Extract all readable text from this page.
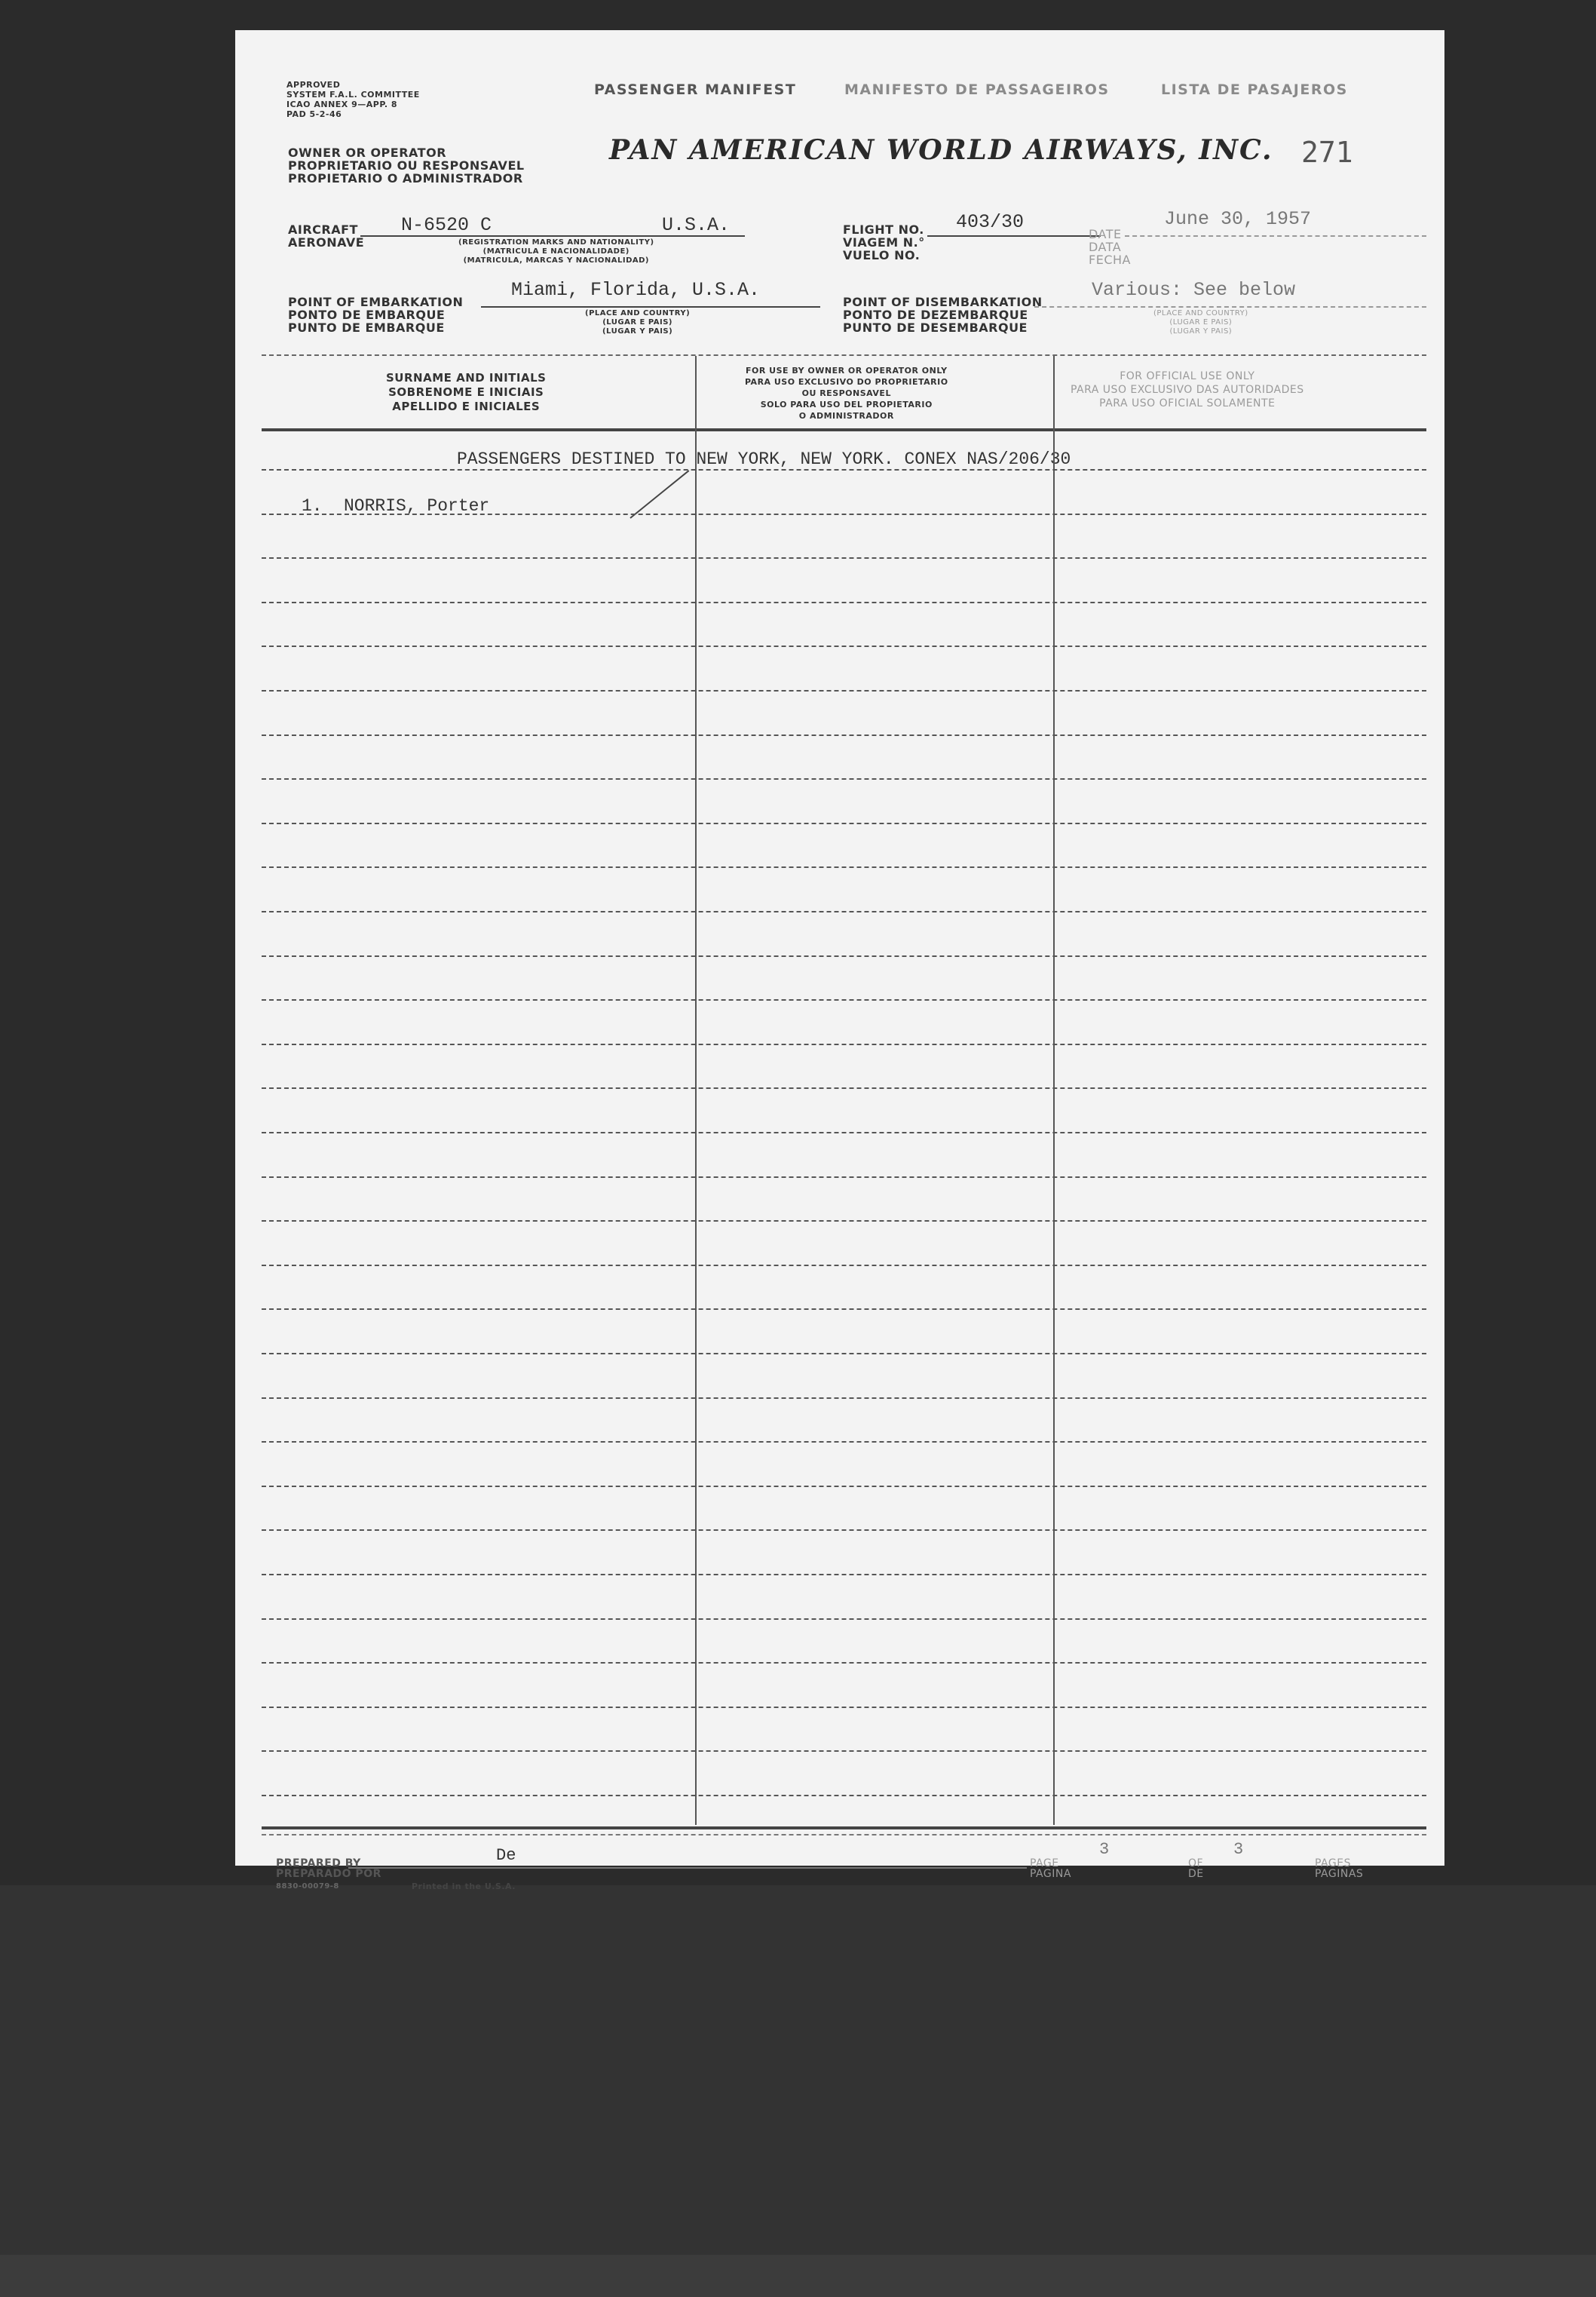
APPROVED
SYSTEM F.A.L. COMMITTEE
ICAO ANNEX 9—APP. 8
PAD 5-2-46
PASSENGER MANIFEST	MANIFESTO DE PASSAGEIROS	LISTA DE PASAJEROS
OWNER OR OPERATOR
PROPRIETARIO OU RESPONSAVEL
PROPIETARIO O ADMINISTRADOR
PAN AMERICAN WORLD AIRWAYS, INC. 271
AIRCRAFT
AERONAVE
N-6520 C	U.S.A.
(REGISTRATION MARKS AND NATIONALITY)
(MATRICULA E NACIONALIDADE)
(MATRICULA, MARCAS Y NACIONALIDAD)
FLIGHT NO.
VIAGEM N.°
VUELO NO.
403/30
DATE
DATA
FECHA
June 30, 1957
POINT OF EMBARKATION
PONTO DE EMBARQUE
PUNTO DE EMBARQUE
Miami, Florida, U.S.A.
(PLACE AND COUNTRY)
(LUGAR E PAIS)
(LUGAR Y PAIS)
POINT OF DISEMBARKATION
PONTO DE DEZEMBARQUE
PUNTO DE DESEMBARQUE
Various: See below
(PLACE AND COUNTRY)
(LUGAR E PAIS)
(LUGAR Y PAIS)
SURNAME AND INITIALS
SOBRENOME E INICIAIS
APELLIDO E INICIALES
FOR USE BY OWNER OR OPERATOR ONLY
PARA USO EXCLUSIVO DO PROPRIETARIO
OU RESPONSAVEL
SOLO PARA USO DEL PROPIETARIO
O ADMINISTRADOR
FOR OFFICIAL USE ONLY
PARA USO EXCLUSIVO DAS AUTORIDADES
PARA USO OFICIAL SOLAMENTE
PASSENGERS DESTINED TO NEW YORK, NEW YORK. CONEX NAS/206/30
1. NORRIS, Porter
PREPARED BY
PREPARADO POR
De	PAGE
PAGINA
3
OF
DE
3
PAGES
PAGINAS
8830-00079-8	Printed in the U.S.A.
